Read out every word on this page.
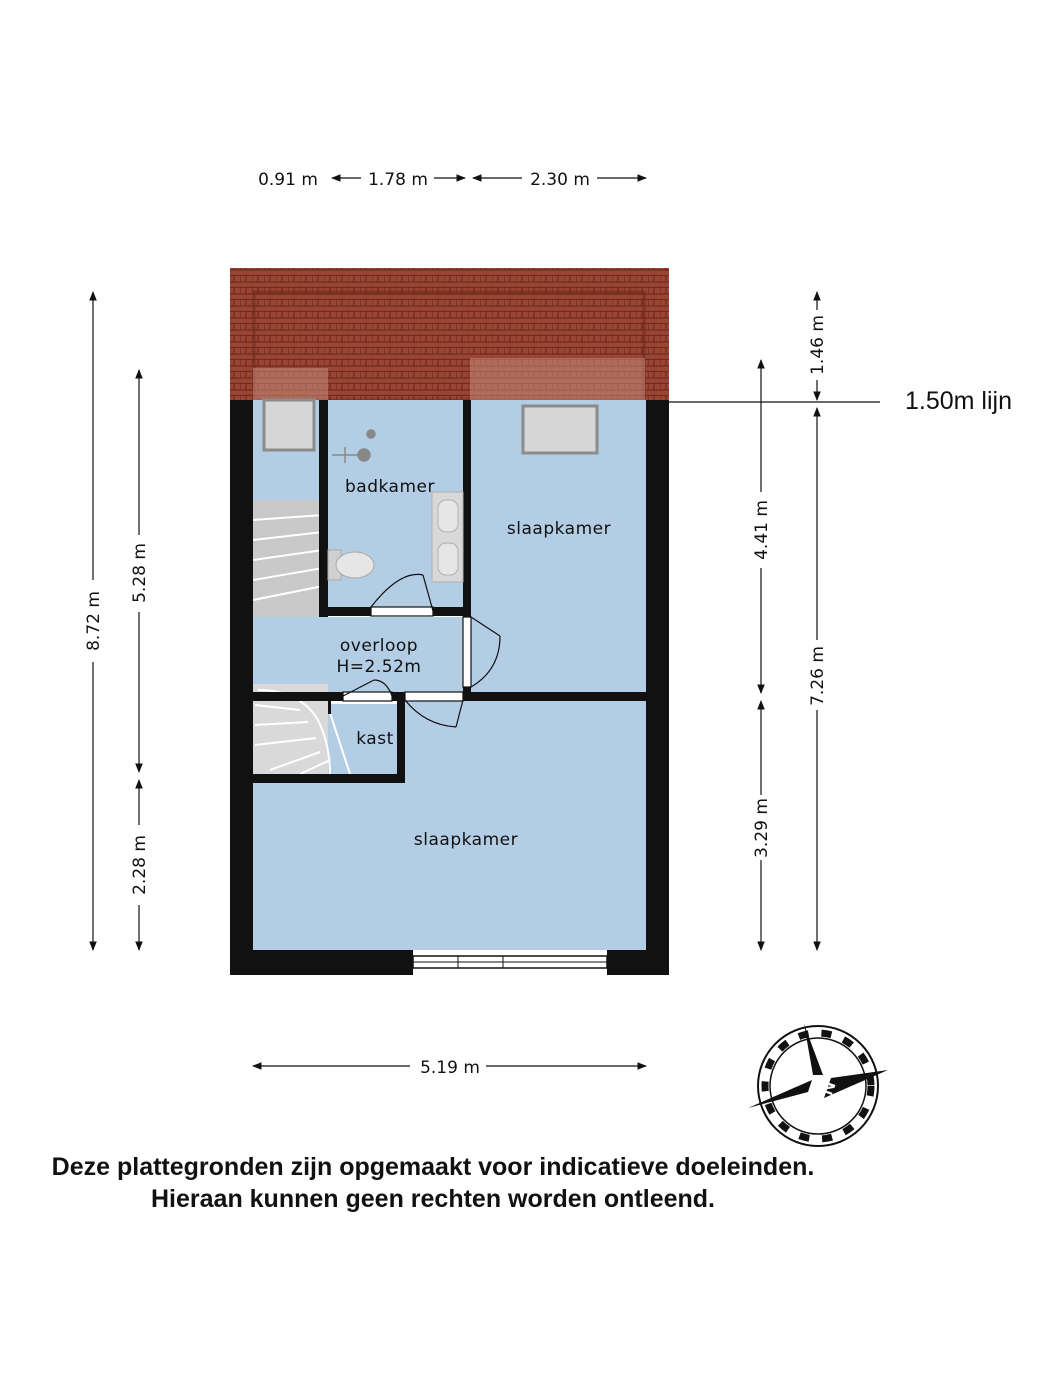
badkamer
slaapkamer
overloop
H=2.52m
kast
slaapkamer
0.91 m	1.78 m	2.30 m
8.72 m
5.28 m
2.28 m
4.41 m
3.29 m
1.46 m
7.26 m
1.50m lijn
5.19 m
N
Deze plattegronden zijn opgemaakt voor indicatieve doeleinden.
Hieraan kunnen geen rechten worden ontleend.
